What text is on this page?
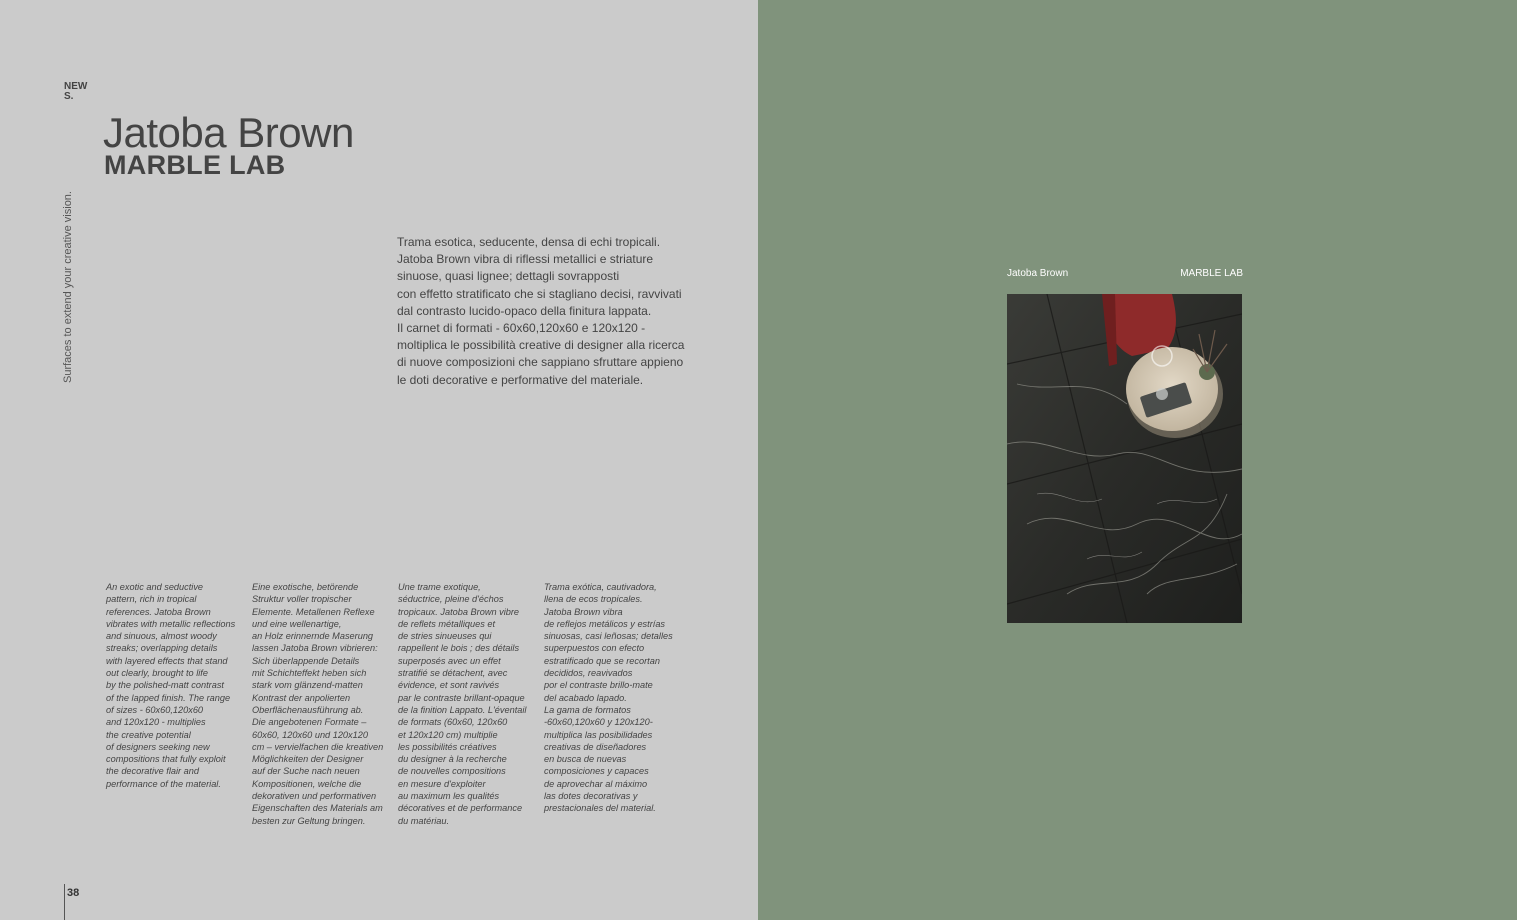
NEW
S.
Surfaces to extend your creative vision.
Jatoba Brown
MARBLE LAB

Trama esotica, seducente, densa di echi tropicali.

Jatoba Brown vibra di riflessi metallici e striature

sinuose, quasi lignee; dettagli sovrapposti

con effetto stratificato che si stagliano decisi, ravvivati

dal contrasto lucido-opaco della finitura lappata.

Il carnet di formati - 60x60,120x60 e 120x120 -

moltiplica le possibilità creative di designer alla ricerca

di nuove composizioni che sappiano sfruttare appieno

le doti decorative e performative del materiale.

An exotic and seductive

pattern, rich in tropical

references. Jatoba Brown

vibrates with metallic reflections

and sinuous, almost woody

streaks; overlapping details

with layered effects that stand

out clearly, brought to life

by the polished-matt contrast

of the lapped finish. The range

of sizes - 60x60,120x60

and 120x120 - multiplies

the creative potential

of designers seeking new

compositions that fully exploit

the decorative flair and

performance of the material.

Eine exotische, betörende

Struktur voller tropischer

Elemente. Metallenen Reflexe

und eine wellenartige,

an Holz erinnernde Maserung

lassen Jatoba Brown vibrieren:

Sich überlappende Details

mit Schichteffekt heben sich

stark vom glänzend-matten

Kontrast der anpolierten

Oberflächenausführung ab.

Die angebotenen Formate –

60x60, 120x60 und 120x120

cm – vervielfachen die kreativen

Möglichkeiten der Designer

auf der Suche nach neuen

Kompositionen, welche die

dekorativen und performativen

Eigenschaften des Materials am

besten zur Geltung bringen.

Une trame exotique,

séductrice, pleine d'échos

tropicaux. Jatoba Brown vibre

de reflets métalliques et

de stries sinueuses qui

rappellent le bois ; des détails

superposés avec un effet

stratifié se détachent, avec

évidence, et sont ravivés

par le contraste brillant-opaque

de la finition Lappato. L'éventail

de formats (60x60, 120x60

et 120x120 cm) multiplie

les possibilités créatives

du designer à la recherche

de nouvelles compositions

en mesure d'exploiter

au maximum les qualités

décoratives et de performance

du matériau.

Trama exótica, cautivadora,

llena de ecos tropicales.

Jatoba Brown vibra

de reflejos metálicos y estrías

sinuosas, casi leñosas; detalles

superpuestos con efecto

estratificado que se recortan

decididos, reavivados

por el contraste brillo-mate

del acabado lapado.

La gama de formatos

-60x60,120x60 y 120x120-

multiplica las posibilidades

creativas de diseñadores

en busca de nuevas

composiciones y capaces

de aprovechar al máximo

las dotes decorativas y

prestacionales del material.

38
Jatoba Brown	MARBLE LAB
